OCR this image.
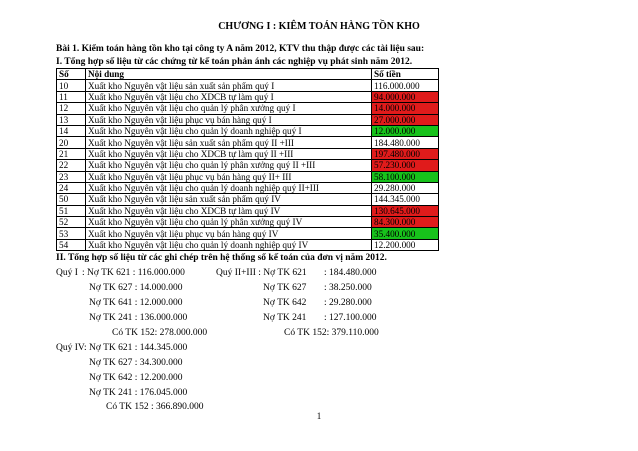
CHƯƠNG I : KIÊM TOÁN HÀNG TỒN KHO
Bài 1. Kiểm toán hàng tồn kho tại công ty A năm 2012, KTV thu thập được các tài liệu sau:
I. Tổng hợp số liệu từ các chứng từ kế toán phản ánh các nghiệp vụ phát sinh năm 2012.
Số	Nội dung	Số tiền
10	Xuất kho Nguyên vật liệu sản xuất sản phẩm quý I	116.000.000
11	Xuất kho Nguyên vật liệu cho XDCB tự làm quý I	94.000.000
12	Xuất kho Nguyên vật liệu cho quản lý phân xưởng quý I	14.000.000
13	Xuất kho Nguyên vật liệu phục vụ bán hàng quý I	27.000.000
14	Xuất kho Nguyên vật liệu cho quản lý doanh nghiệp quý I	12.000.000
20	Xuất kho Nguyên vật liệu sản xuất sản phẩm quý II +III	184.480.000
21	Xuất kho Nguyên vật liệu cho XDCB tự làm quý II +III	197.480.000
22	Xuất kho Nguyên vật liệu cho quản lý phân xưởng quý II +III	57.230.000
23	Xuất kho Nguyên vật liệu phục vụ bán hàng quý II+ III	58.100.000
24	Xuất kho Nguyên vật liệu cho quản lý doanh nghiệp quý II+III	29.280.000
50	Xuất kho Nguyên vật liệu sản xuất sản phẩm quý IV	144.345.000
51	Xuất kho Nguyên vật liệu cho XDCB tự làm quý IV	130.645.000
52	Xuất kho Nguyên vật liệu cho quản lý phân xưởng quý IV	84.300.000
53	Xuất kho Nguyên vật liệu phục vụ bán hàng quý IV	35.400.000
54	Xuất kho Nguyên vật liệu cho quản lý doanh nghiệp quý IV	12.200.000
II. Tổng hợp số liệu từ các ghi chép trên hệ thống sổ kế toán của đơn vị năm 2012.
Quý I : Nợ TK 621 : 116.000.000
Nợ TK 627 : 14.000.000
Nợ TK 641 : 12.000.000
Nợ TK 241 : 136.000.000
Có TK 152: 278.000.000
Quý II+III : Nợ TK 621 : 184.480.000
Nợ TK 627 : 38.250.000
Nợ TK 642 : 29.280.000
Nợ TK 241 : 127.100.000
Có TK 152: 379.110.000
Quý IV: Nợ TK 621 : 144.345.000
Nợ TK 627 : 34.300.000
Nợ TK 642 : 12.200.000
Nợ TK 241 : 176.045.000
Có TK 152 : 366.890.000
1
